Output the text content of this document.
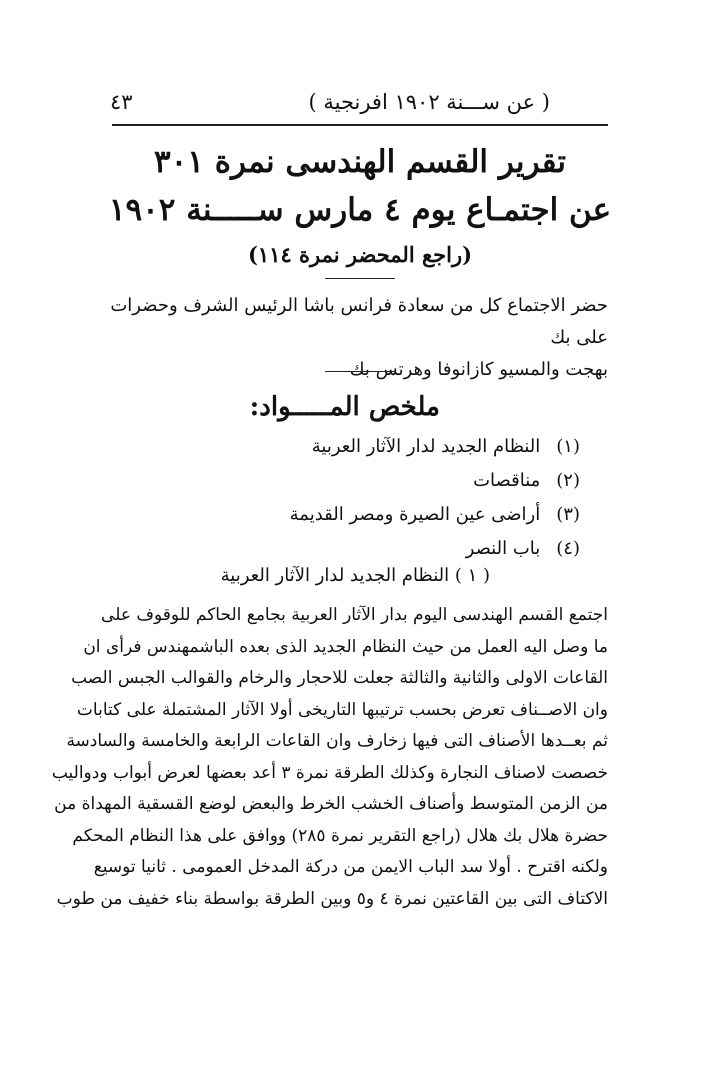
( عن ســـنة ١٩٠٢ افرنجية )
٤٣
تقرير القسم الهندسى نمرة ٣٠١
عن اجتمـاع يوم ٤ مارس ســـــنة ١٩٠٢
(راجع المحضر نمرة ١١٤)
حضر الاجتماع كل من سعادة فرانس باشا الرئيس الشرف وحضرات على بك
بهجت والمسيو كازانوفا وهرتس بك
ملخص المـــــواد:
(١) النظام الجديد لدار الآثار العربية
(٢) مناقصات
(٣) أراضى عين الصيرة ومصر القديمة
(٤) باب النصر
( ١ ) النظام الجديد لدار الآثار العربية
اجتمع القسم الهندسى اليوم بدار الآثار العربية بجامع الحاكم للوقوف على
ما وصل اليه العمل من حيث النظام الجديد الذى بعده الباشمهندس فرأى ان
القاعات الاولى والثانية والثالثة جعلت للاحجار والرخام والقوالب الجبس الصب
وان الاصــناف تعرض بحسب ترتيبها التاريخى أولا الآثار المشتملة على كتابات
ثم بعــدها الأصناف التى فيها زخارف وان القاعات الرابعة والخامسة والسادسة
خصصت لاصناف النجارة وكذلك الطرقة نمرة ٣ أعد بعضها لعرض أبواب ودواليب
من الزمن المتوسط وأصناف الخشب الخرط والبعض لوضع القسقية المهداة من
حضرة هلال بك هلال (راجع التقرير نمرة ٢٨٥) ووافق على هذا النظام المحكم
ولكنه اقترح . أولا سد الباب الايمن من دركة المدخل العمومى . ثانيا توسيع
الاكتاف التى بين القاعتين نمرة ٤ و٥ وبين الطرقة بواسطة بناء خفيف من طوب
